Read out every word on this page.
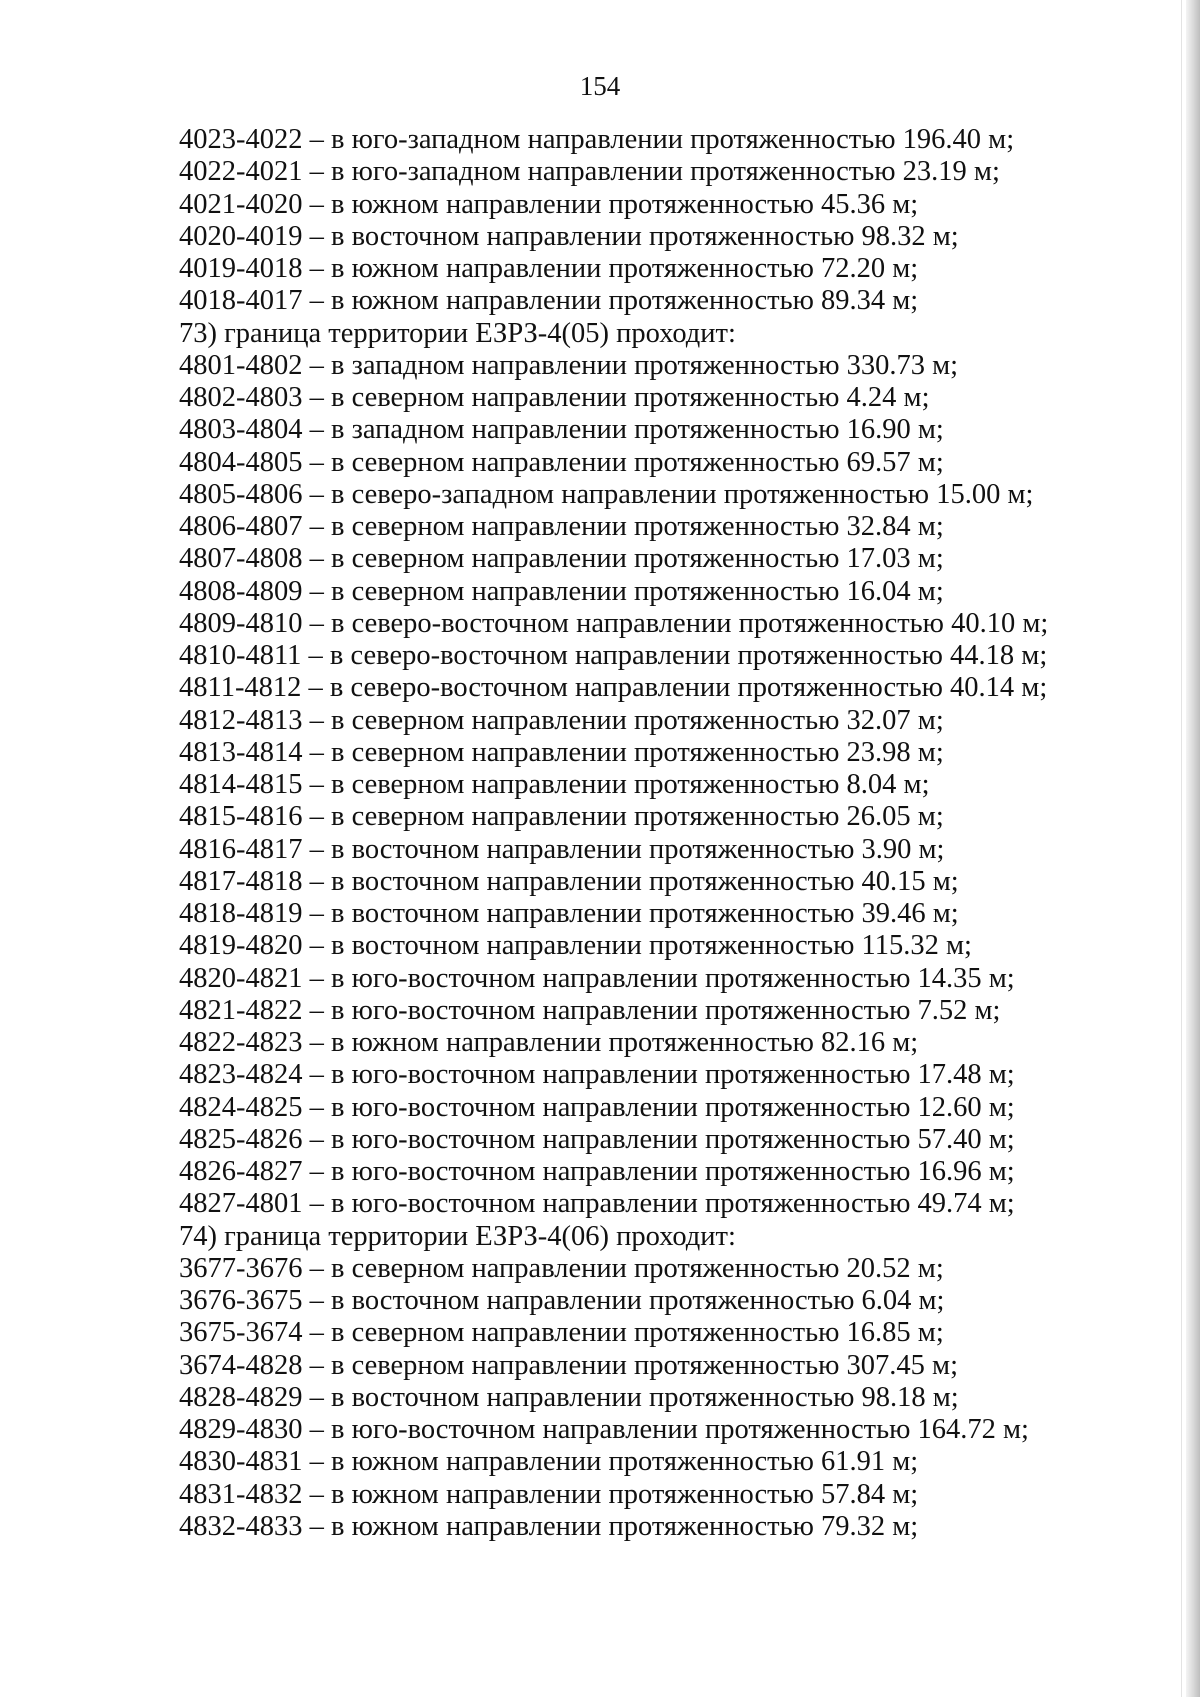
154
4023-4022 – в юго-западном направлении протяженностью 196.40 м;
4022-4021 – в юго-западном направлении протяженностью 23.19 м;
4021-4020 – в южном направлении протяженностью 45.36 м;
4020-4019 – в восточном направлении протяженностью 98.32 м;
4019-4018 – в южном направлении протяженностью 72.20 м;
4018-4017 – в южном направлении протяженностью 89.34 м;
73) граница территории ЕЗРЗ-4(05) проходит:
4801-4802 – в западном направлении протяженностью 330.73 м;
4802-4803 – в северном направлении протяженностью 4.24 м;
4803-4804 – в западном направлении протяженностью 16.90 м;
4804-4805 – в северном направлении протяженностью 69.57 м;
4805-4806 – в северо-западном направлении протяженностью 15.00 м;
4806-4807 – в северном направлении протяженностью 32.84 м;
4807-4808 – в северном направлении протяженностью 17.03 м;
4808-4809 – в северном направлении протяженностью 16.04 м;
4809-4810 – в северо-восточном направлении протяженностью 40.10 м;
4810-4811 – в северо-восточном направлении протяженностью 44.18 м;
4811-4812 – в северо-восточном направлении протяженностью 40.14 м;
4812-4813 – в северном направлении протяженностью 32.07 м;
4813-4814 – в северном направлении протяженностью 23.98 м;
4814-4815 – в северном направлении протяженностью 8.04 м;
4815-4816 – в северном направлении протяженностью 26.05 м;
4816-4817 – в восточном направлении протяженностью 3.90 м;
4817-4818 – в восточном направлении протяженностью 40.15 м;
4818-4819 – в восточном направлении протяженностью 39.46 м;
4819-4820 – в восточном направлении протяженностью 115.32 м;
4820-4821 – в юго-восточном направлении протяженностью 14.35 м;
4821-4822 – в юго-восточном направлении протяженностью 7.52 м;
4822-4823 – в южном направлении протяженностью 82.16 м;
4823-4824 – в юго-восточном направлении протяженностью 17.48 м;
4824-4825 – в юго-восточном направлении протяженностью 12.60 м;
4825-4826 – в юго-восточном направлении протяженностью 57.40 м;
4826-4827 – в юго-восточном направлении протяженностью 16.96 м;
4827-4801 – в юго-восточном направлении протяженностью 49.74 м;
74) граница территории ЕЗРЗ-4(06) проходит:
3677-3676 – в северном направлении протяженностью 20.52 м;
3676-3675 – в восточном направлении протяженностью 6.04 м;
3675-3674 – в северном направлении протяженностью 16.85 м;
3674-4828 – в северном направлении протяженностью 307.45 м;
4828-4829 – в восточном направлении протяженностью 98.18 м;
4829-4830 – в юго-восточном направлении протяженностью 164.72 м;
4830-4831 – в южном направлении протяженностью 61.91 м;
4831-4832 – в южном направлении протяженностью 57.84 м;
4832-4833 – в южном направлении протяженностью 79.32 м;
